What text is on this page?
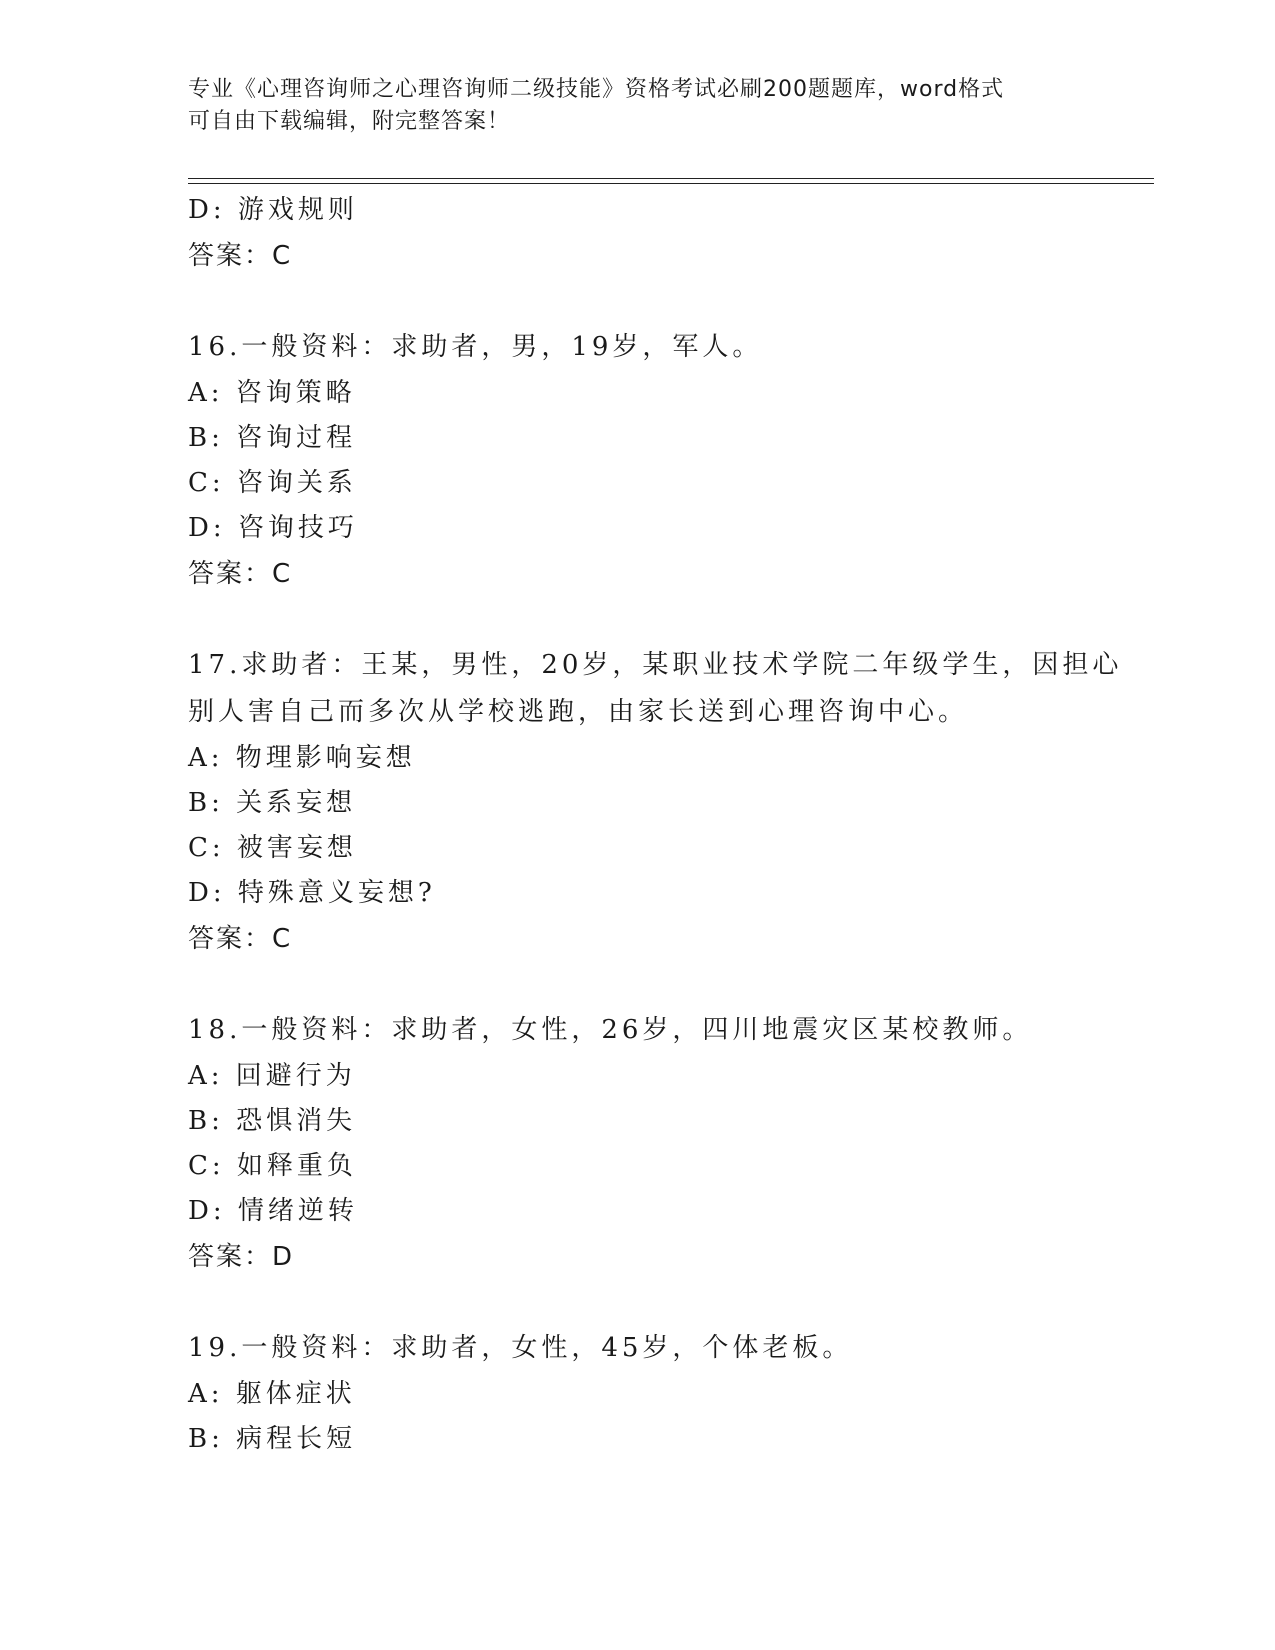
专业《心理咨询师之心理咨询师二级技能》资格考试必刷200题题库，word格式
可自由下载编辑，附完整答案！
D: 游戏规则
答案：C
16.一般资料：求助者，男，19岁，军人。
A: 咨询策略
B: 咨询过程
C: 咨询关系
D: 咨询技巧
答案：C
17.求助者：王某，男性，20岁，某职业技术学院二年级学生，因担心
别人害自己而多次从学校逃跑，由家长送到心理咨询中心。
A: 物理影响妄想
B: 关系妄想
C: 被害妄想
D: 特殊意义妄想?
答案：C
18.一般资料：求助者，女性，26岁，四川地震灾区某校教师。
A: 回避行为
B: 恐惧消失
C: 如释重负
D: 情绪逆转
答案：D
19.一般资料：求助者，女性，45岁，个体老板。
A: 躯体症状
B: 病程长短
